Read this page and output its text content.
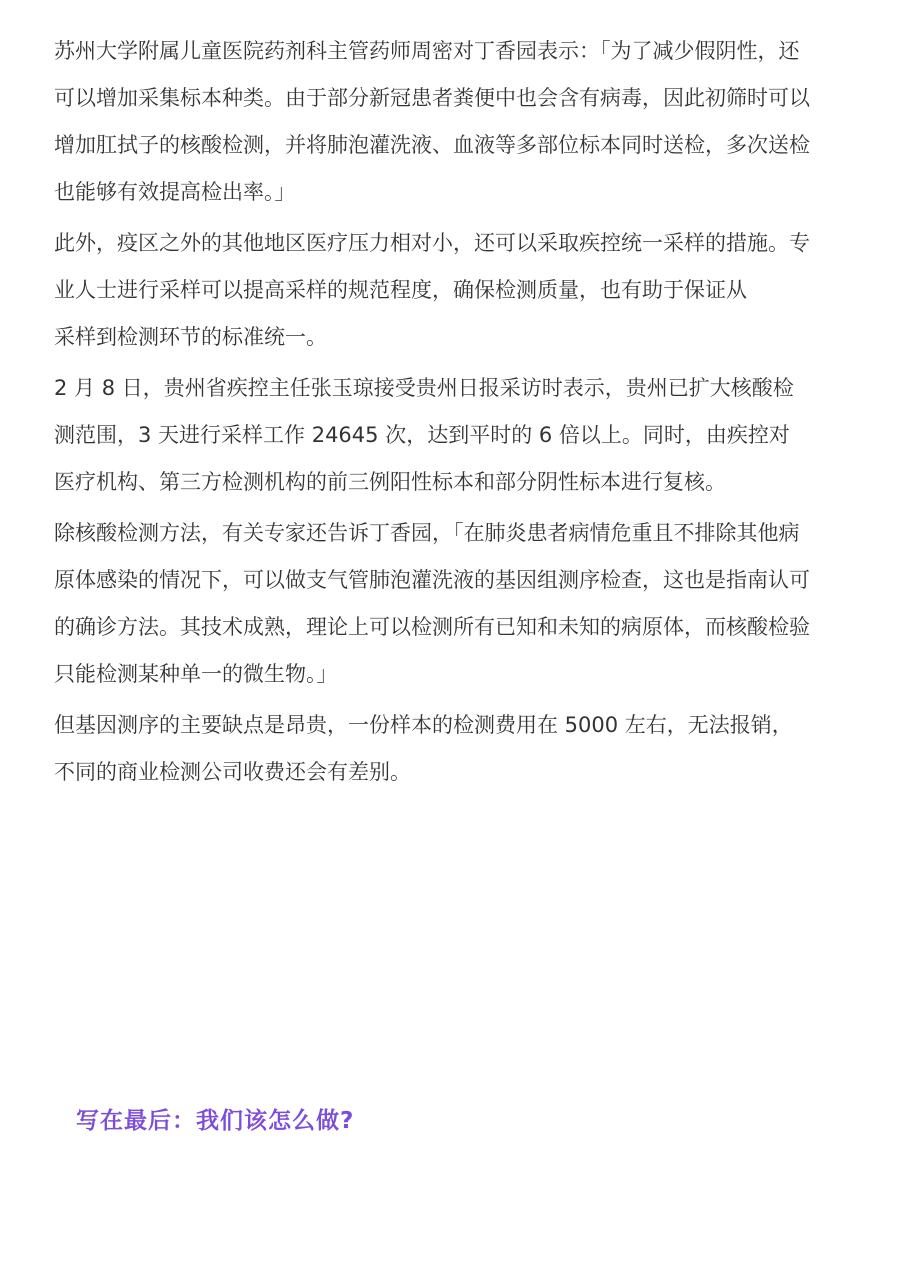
苏州大学附属儿童医院药剂科主管药师周密对丁香园表示：「为了减少假阴性，还
可以增加采集标本种类。由于部分新冠患者粪便中也会含有病毒，因此初筛时可以
增加肛拭子的核酸检测，并将肺泡灌洗液、血液等多部位标本同时送检，多次送检
也能够有效提高检出率。」

此外，疫区之外的其他地区医疗压力相对小，还可以采取疾控统一采样的措施。专
业人士进行采样可以提高采样的规范程度，确保检测质量，也有助于保证从
采样到检测环节的标准统一。

2 月 8 日，贵州省疾控主任张玉琼接受贵州日报采访时表示，贵州已扩大核酸检
测范围，3 天进行采样工作 24645 次，达到平时的 6 倍以上。同时，由疾控对
医疗机构、第三方检测机构的前三例阳性标本和部分阴性标本进行复核。

除核酸检测方法，有关专家还告诉丁香园，「在肺炎患者病情危重且不排除其他病
原体感染的情况下，可以做支气管肺泡灌洗液的基因组测序检查，这也是指南认可
的确诊方法。其技术成熟，理论上可以检测所有已知和未知的病原体，而核酸检验
只能检测某种单一的微生物。」

但基因测序的主要缺点是昂贵，一份样本的检测费用在 5000 左右，无法报销，
不同的商业检测公司收费还会有差别。

写在最后：我们该怎么做?
